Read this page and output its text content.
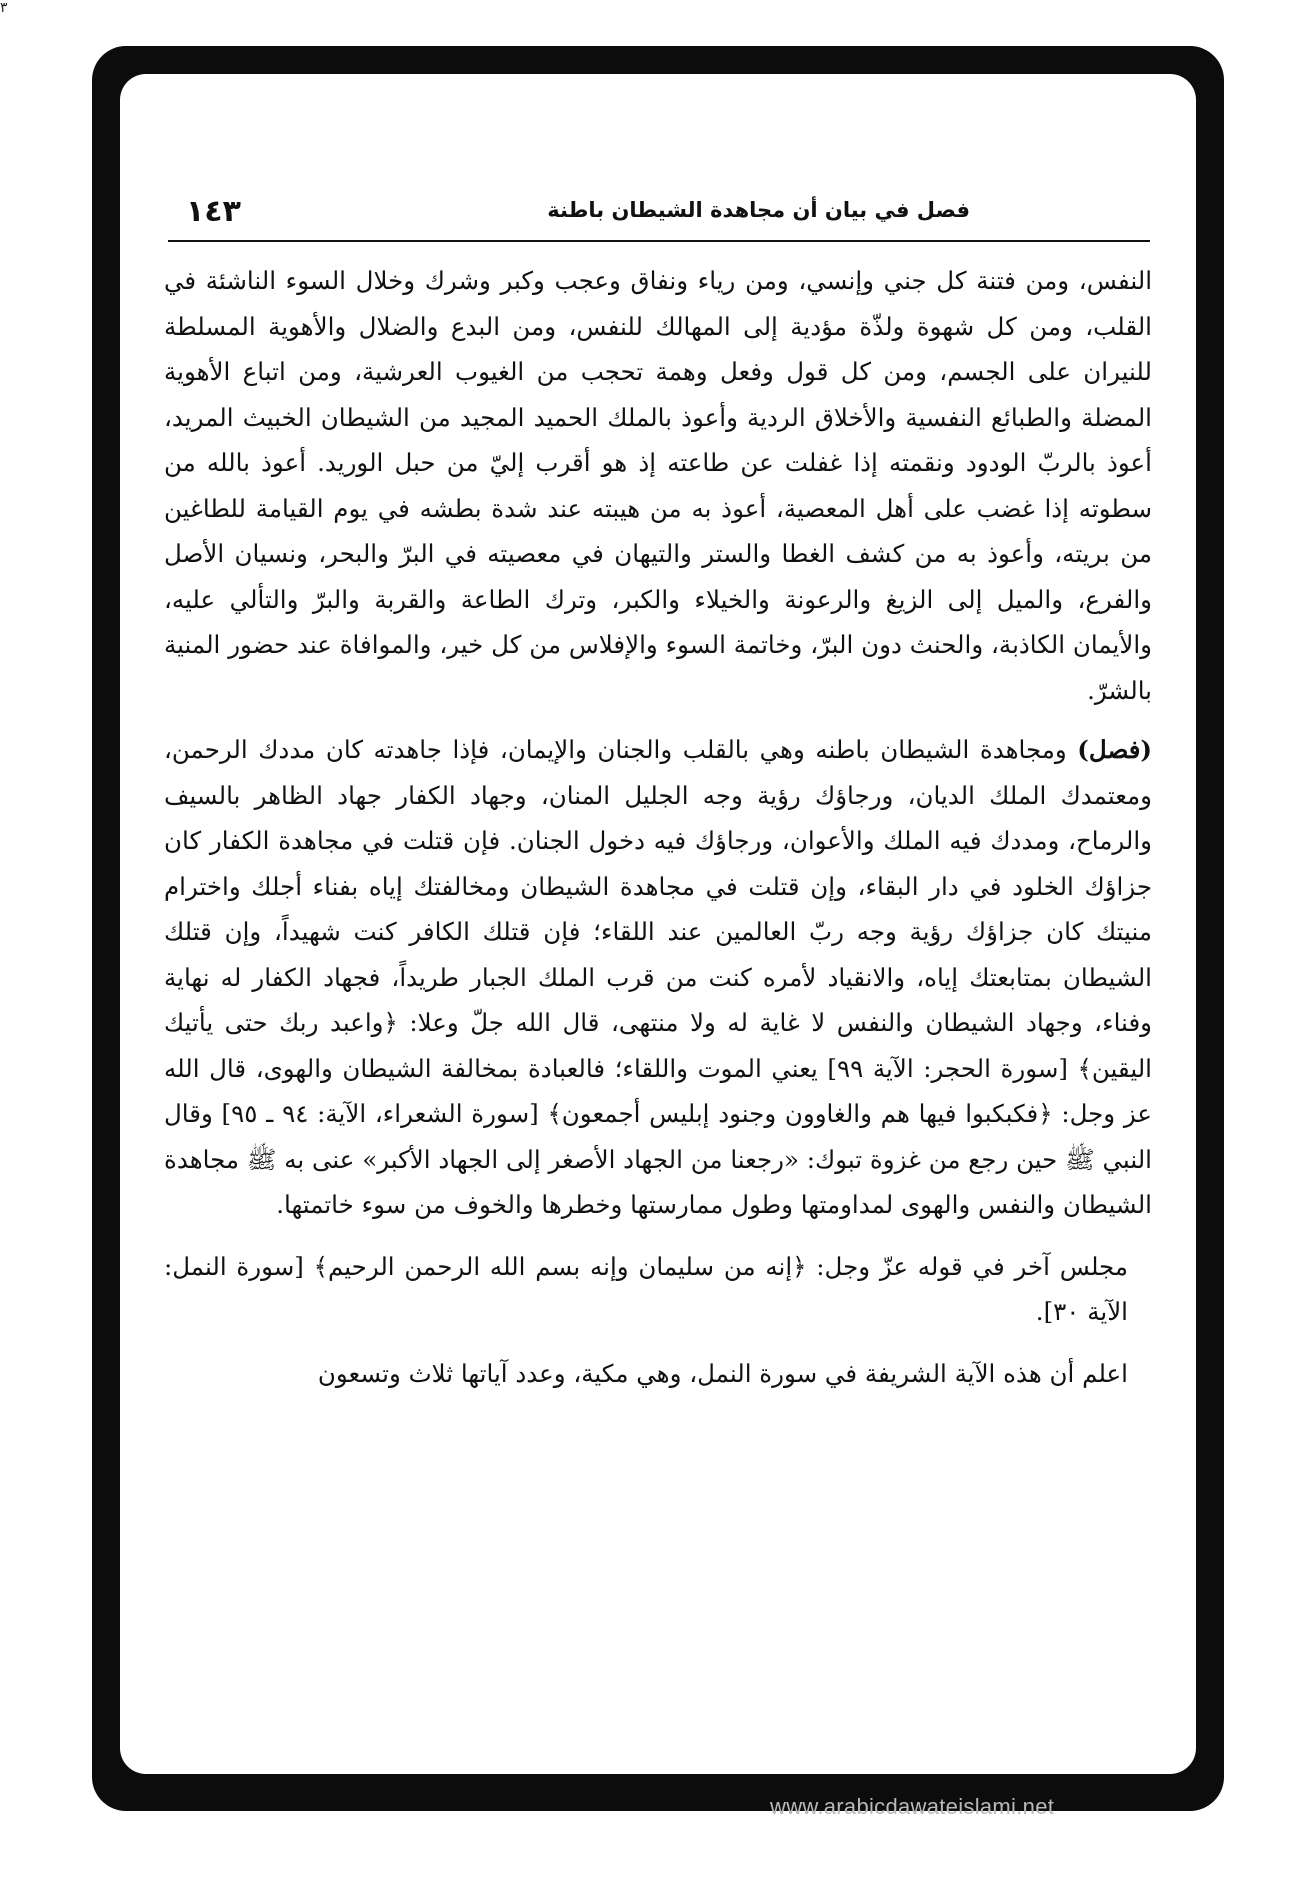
٣
فصل في بيان أن مجاهدة الشيطان باطنة
١٤٣

النفس، ومن فتنة كل جني وإنسي، ومن رياء ونفاق وعجب وكبر وشرك وخلال السوء الناشئة في القلب، ومن كل شهوة ولذّة مؤدية إلى المهالك للنفس، ومن البدع والضلال والأهوية المسلطة للنيران على الجسم، ومن كل قول وفعل وهمة تحجب من الغيوب العرشية، ومن اتباع الأهوية المضلة والطبائع النفسية والأخلاق الردية وأعوذ بالملك الحميد المجيد من الشيطان الخبيث المريد، أعوذ بالربّ الودود ونقمته إذا غفلت عن طاعته إذ هو أقرب إليّ من حبل الوريد. أعوذ بالله من سطوته إذا غضب على أهل المعصية، أعوذ به من هيبته عند شدة بطشه في يوم القيامة للطاغين من بريته، وأعوذ به من كشف الغطا والستر والتيهان في معصيته في البرّ والبحر، ونسيان الأصل والفرع، والميل إلى الزيغ والرعونة والخيلاء والكبر، وترك الطاعة والقربة والبرّ والتألي عليه، والأيمان الكاذبة، والحنث دون البرّ، وخاتمة السوء والإفلاس من كل خير، والموافاة عند حضور المنية بالشرّ.

(فصل) ومجاهدة الشيطان باطنه وهي بالقلب والجنان والإيمان، فإذا جاهدته كان مددك الرحمن، ومعتمدك الملك الديان، ورجاؤك رؤية وجه الجليل المنان، وجهاد الكفار جهاد الظاهر بالسيف والرماح، ومددك فيه الملك والأعوان، ورجاؤك فيه دخول الجنان. فإن قتلت في مجاهدة الكفار كان جزاؤك الخلود في دار البقاء، وإن قتلت في مجاهدة الشيطان ومخالفتك إياه بفناء أجلك واخترام منيتك كان جزاؤك رؤية وجه ربّ العالمين عند اللقاء؛ فإن قتلك الكافر كنت شهيداً، وإن قتلك الشيطان بمتابعتك إياه، والانقياد لأمره كنت من قرب الملك الجبار طريداً، فجهاد الكفار له نهاية وفناء، وجهاد الشيطان والنفس لا غاية له ولا منتهى، قال الله جلّ وعلا: ﴿واعبد ربك حتى يأتيك اليقين﴾ [سورة الحجر: الآية ٩٩] يعني الموت واللقاء؛ فالعبادة بمخالفة الشيطان والهوى، قال الله عز وجل: ﴿فكبكبوا فيها هم والغاوون وجنود إبليس أجمعون﴾ [سورة الشعراء، الآية: ٩٤ ـ ٩٥] وقال النبي ﷺ حين رجع من غزوة تبوك: «رجعنا من الجهاد الأصغر إلى الجهاد الأكبر» عنى به ﷺ مجاهدة الشيطان والنفس والهوى لمداومتها وطول ممارستها وخطرها والخوف من سوء خاتمتها.

مجلس آخر في قوله عزّ وجل: ﴿إنه من سليمان وإنه بسم الله الرحمن الرحيم﴾ [سورة النمل: الآية ٣٠].

اعلم أن هذه الآية الشريفة في سورة النمل، وهي مكية، وعدد آياتها ثلاث وتسعون

www.arabicdawateislami.net
